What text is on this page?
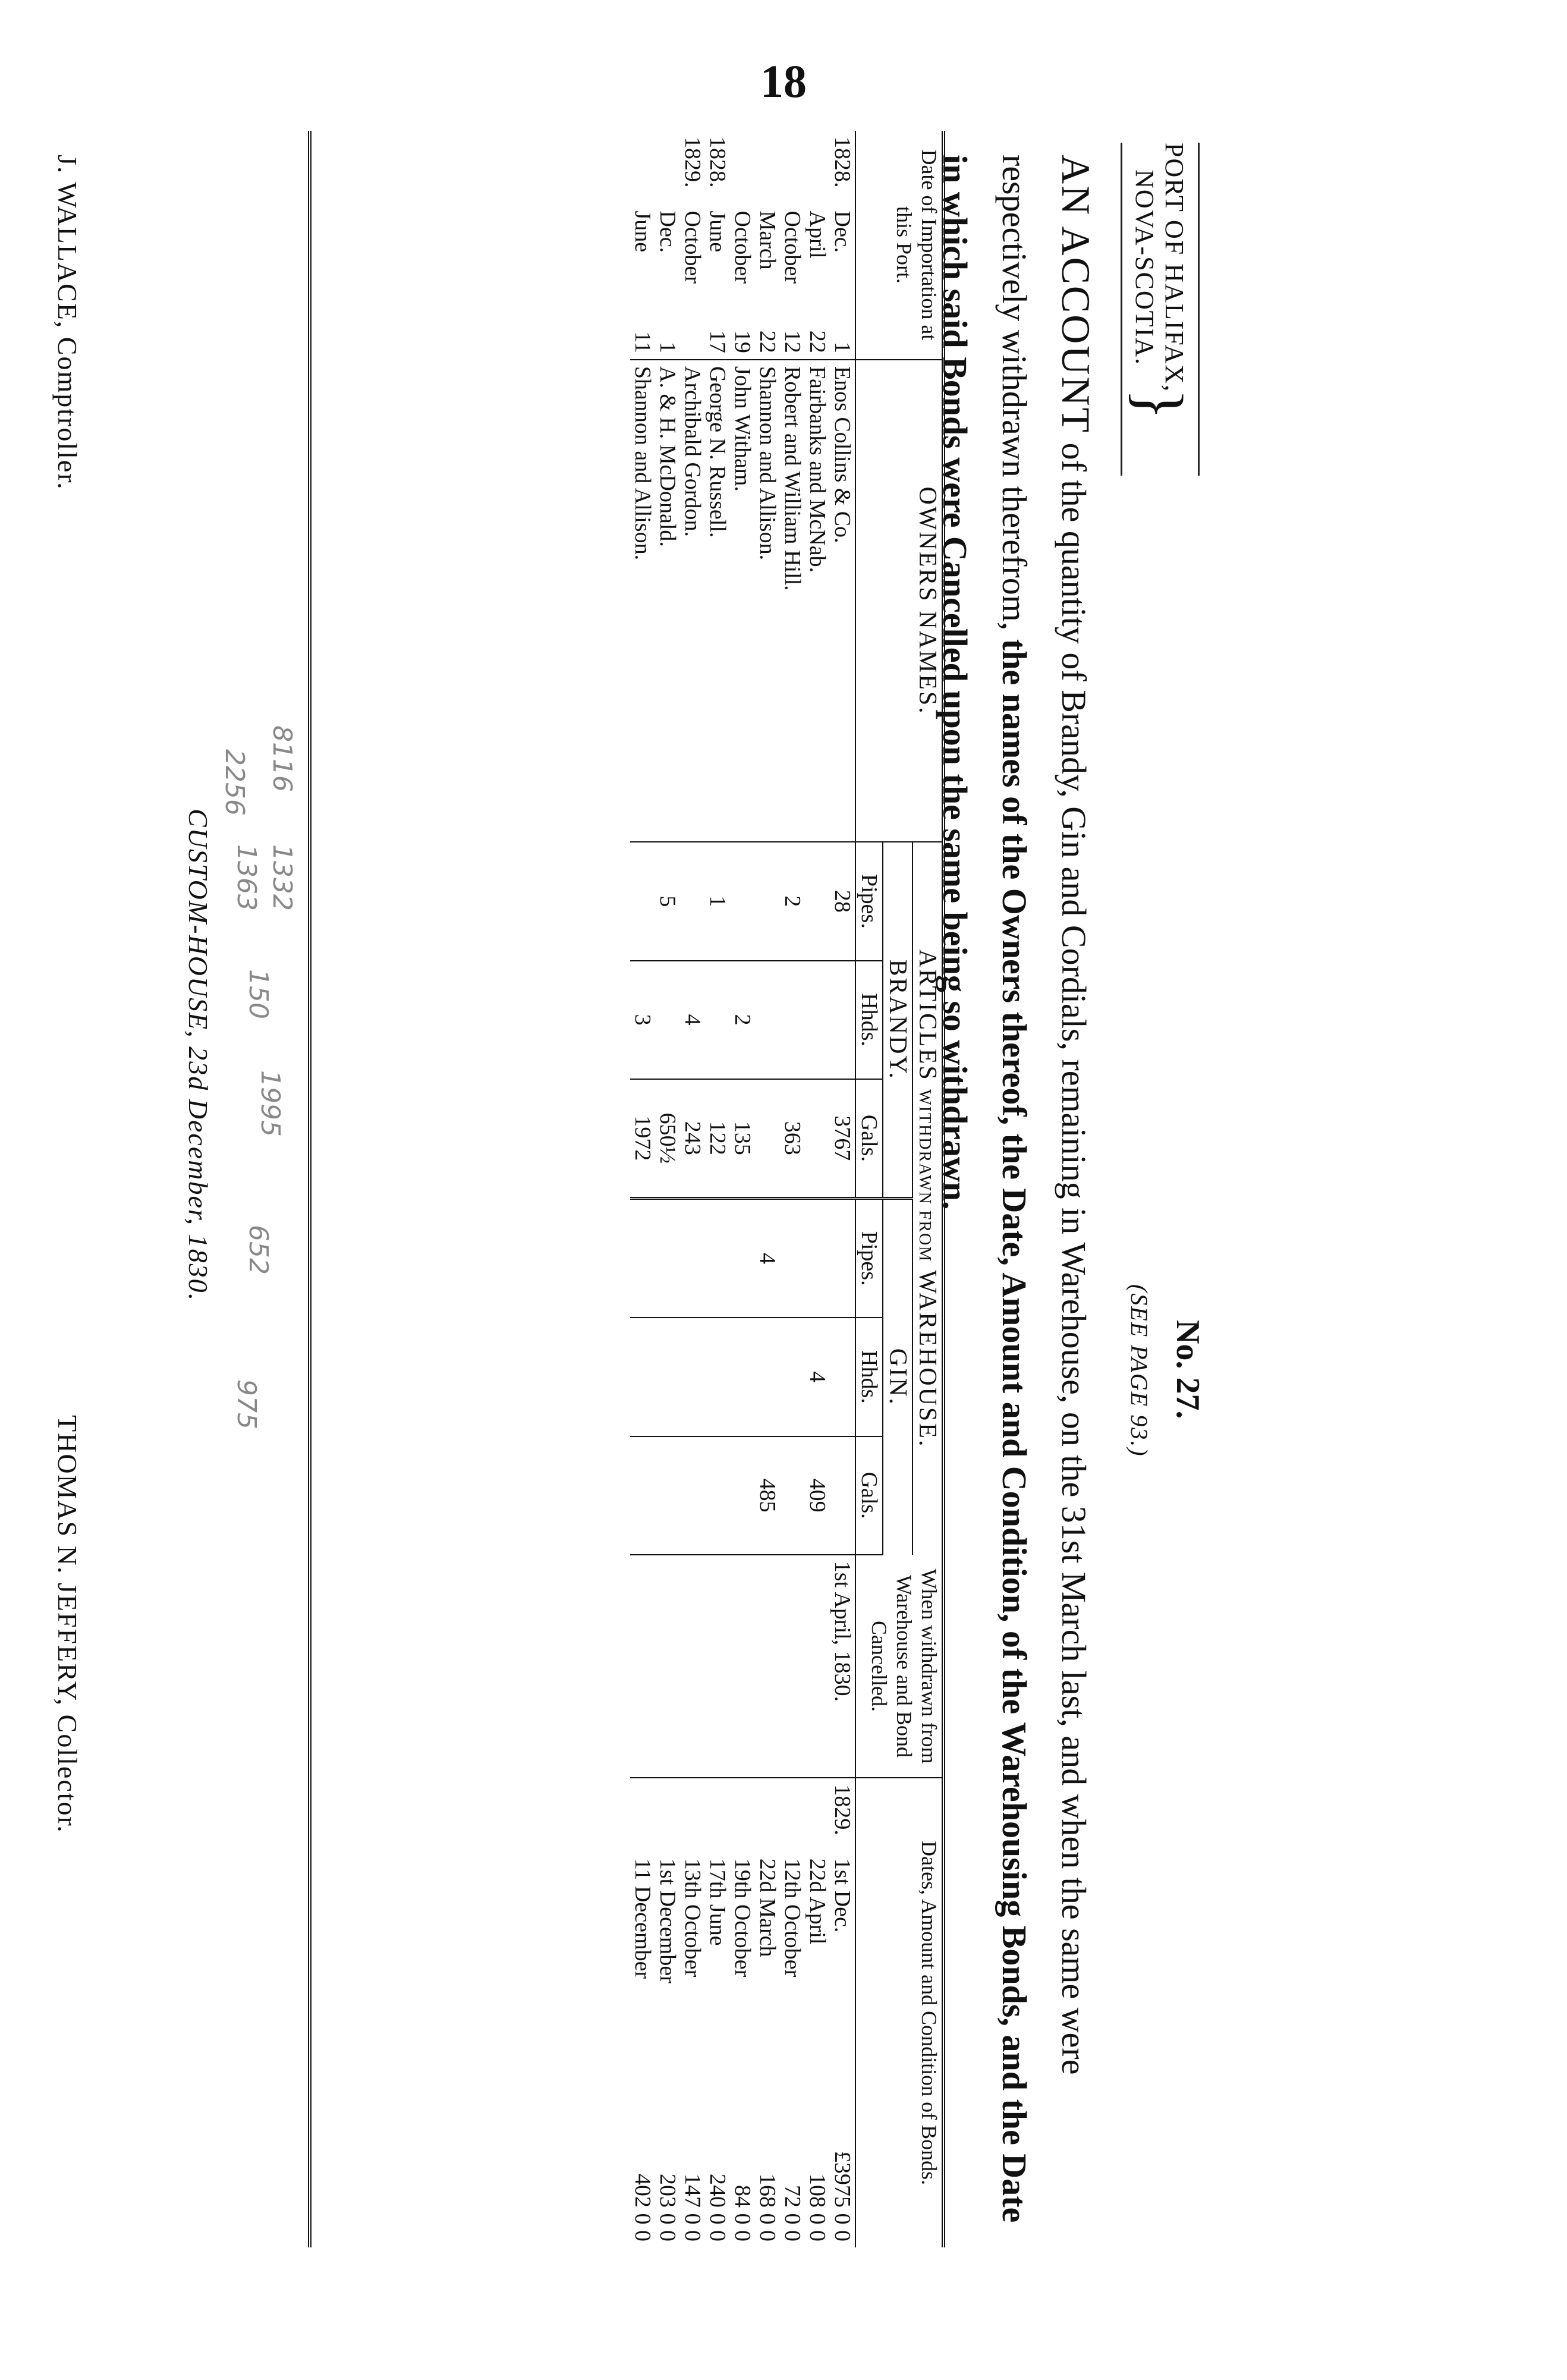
18
PORT OF HALIFAX,
NOVA-SCOTIA.
}
No. 27.
(SEE PAGE 93.)
AN ACCOUNT of the quantity of Brandy, Gin and Cordials, remaining in Warehouse, on the 31st March last, and when the same were respectively withdrawn therefrom, the names of the Owners thereof, the Date, Amount and Condition, of the Warehousing Bonds, and the Date in which said Bonds were Cancelled upon the same being so withdrawn.
Date of Importation at this Port.			OWNERS NAMES.	ARTICLES WITHDRAWN FROM WAREHOUSE.						When withdrawn from Warehouse and Bond Cancelled.	Dates, Amount and Condition of Bonds.		
				BRANDY.			GIN.						
				Pipes.	Hhds.	Gals.	Pipes.	Hhds.	Gals.				
1828.	Dec.	1	Enos Collins & Co.	28		3767				1st April, 1830.	1829.	1st Dec.	£3975 0 0
	April	22	Fairbanks and McNab.					4	409			22d April	108 0 0
	October	12	Robert and William Hill.	2		363						12th October	72 0 0
	March	22	Shannon and Allison.				4		485			22d March	168 0 0
	October	19	John Witham.		2	135						19th October	84 0 0
1828.	June	17	George N. Russell.	1		122						17th June	240 0 0
1829.	October		Archibald Gordon.		4	243						13th October	147 0 0
	Dec.	1	A. & H. McDonald.	5		650½						1st December	203 0 0
	June	11	Shannon and Allison.		3	1972						11 December	402 0 0
1332
1363
1995
652
150
975
8116
2256
CUSTOM-HOUSE, 23d December, 1830.
J. WALLACE, Comptroller.
THOMAS N. JEFFERY, Collector.
